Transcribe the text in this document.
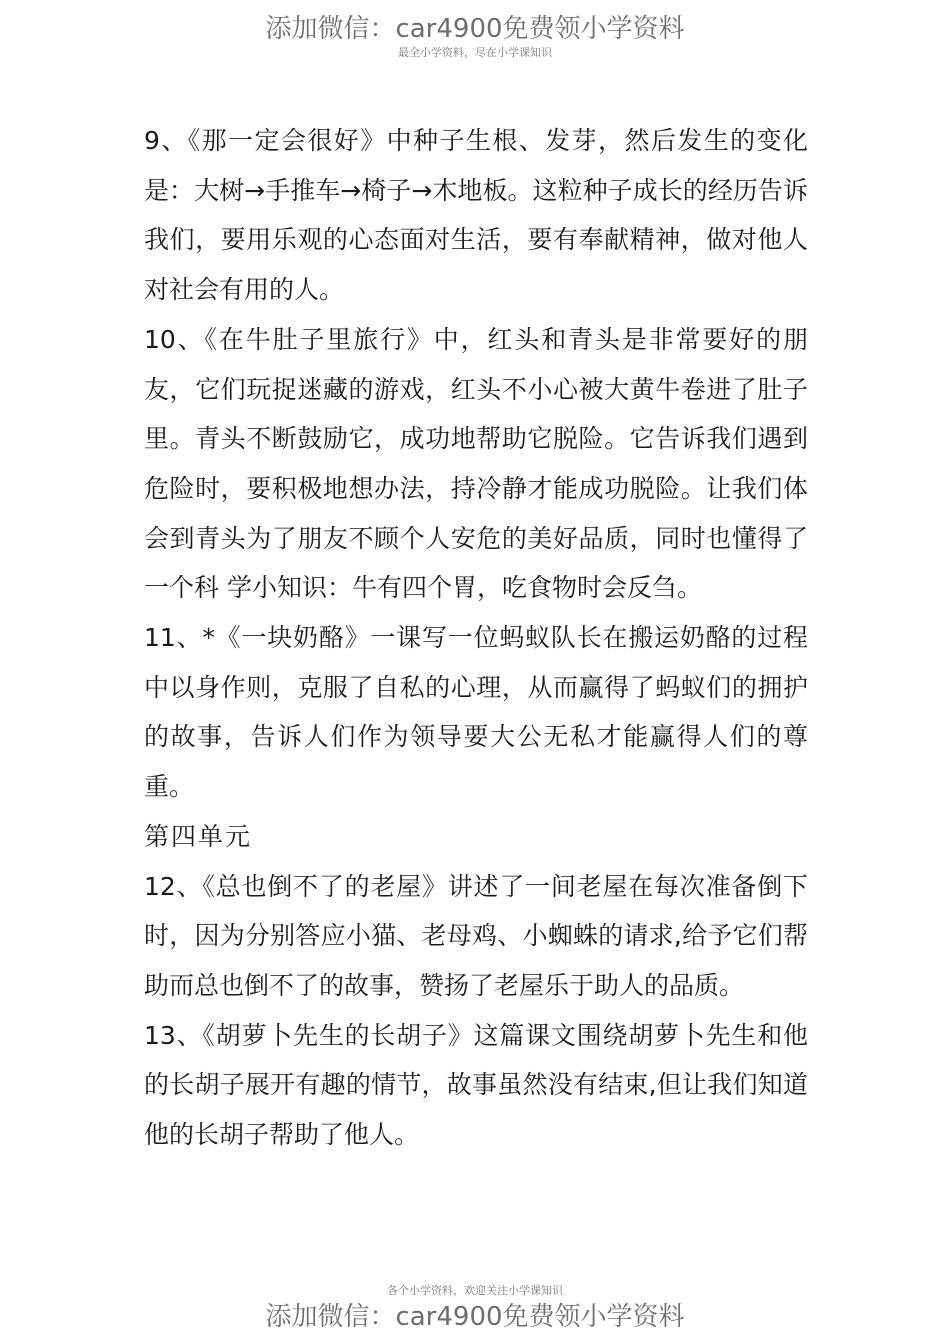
添加微信：car4900免费领小学资料
最全小学资料，尽在小学课知识

9、《那一定会很好》中种子生根、发芽，然后发生的变化是：大树→手推车→椅子→木地板。这粒种子成长的经历告诉我们，要用乐观的心态面对生活，要有奉献精神，做对他人对社会有用的人。

10、《在牛肚子里旅行》中，红头和青头是非常要好的朋友，它们玩捉迷藏的游戏，红头不小心被大黄牛卷进了肚子里。青头不断鼓励它，成功地帮助它脱险。它告诉我们遇到危险时，要积极地想办法，持冷静才能成功脱险。让我们体会到青头为了朋友不顾个人安危的美好品质，同时也懂得了一个科 学小知识：牛有四个胃，吃食物时会反刍。

11、*《一块奶酪》一课写一位蚂蚁队长在搬运奶酪的过程中以身作则，克服了自私的心理，从而赢得了蚂蚁们的拥护的故事，告诉人们作为领导要大公无私才能赢得人们的尊重。

第四单元

12、《总也倒不了的老屋》讲述了一间老屋在每次准备倒下时，因为分别答应小猫、老母鸡、小蜘蛛的请求,给予它们帮助而总也倒不了的故事，赞扬了老屋乐于助人的品质。

13、《胡萝卜先生的长胡子》这篇课文围绕胡萝卜先生和他的长胡子展开有趣的情节，故事虽然没有结束,但让我们知道他的长胡子帮助了他人。

各个小学资料，欢迎关注小学课知识
添加微信：car4900免费领小学资料
